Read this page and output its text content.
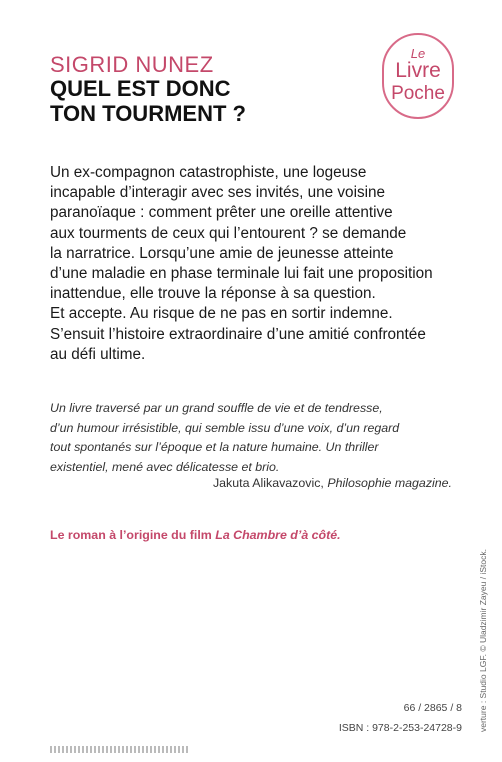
SIGRID NUNEZ
QUEL EST DONC
TON TOURMENT ?
Le
Livre
Poche
Un ex-compagnon catastrophiste, une logeuse
incapable d’interagir avec ses invités, une voisine
paranoïaque : comment prêter une oreille attentive
aux tourments de ceux qui l’entourent ? se demande
la narratrice. Lorsqu’une amie de jeunesse atteinte
d’une maladie en phase terminale lui fait une proposition
inattendue, elle trouve la réponse à sa question.
Et accepte. Au risque de ne pas en sortir indemne.
S’ensuit l’histoire extraordinaire d’une amitié confrontée
au défi ultime.
Un livre traversé par un grand souffle de vie et de tendresse,
d’un humour irrésistible, qui semble issu d’une voix, d’un regard
tout spontanés sur l’époque et la nature humaine. Un thriller
existentiel, mené avec délicatesse et brio.
Jakuta Alikavazovic, Philosophie magazine.
Le roman à l’origine du film La Chambre d’à côté.
verture : Studio LGF. © Uladzimir Zayeu / iStock.
66 / 2865 / 8
ISBN : 978-2-253-24728-9
